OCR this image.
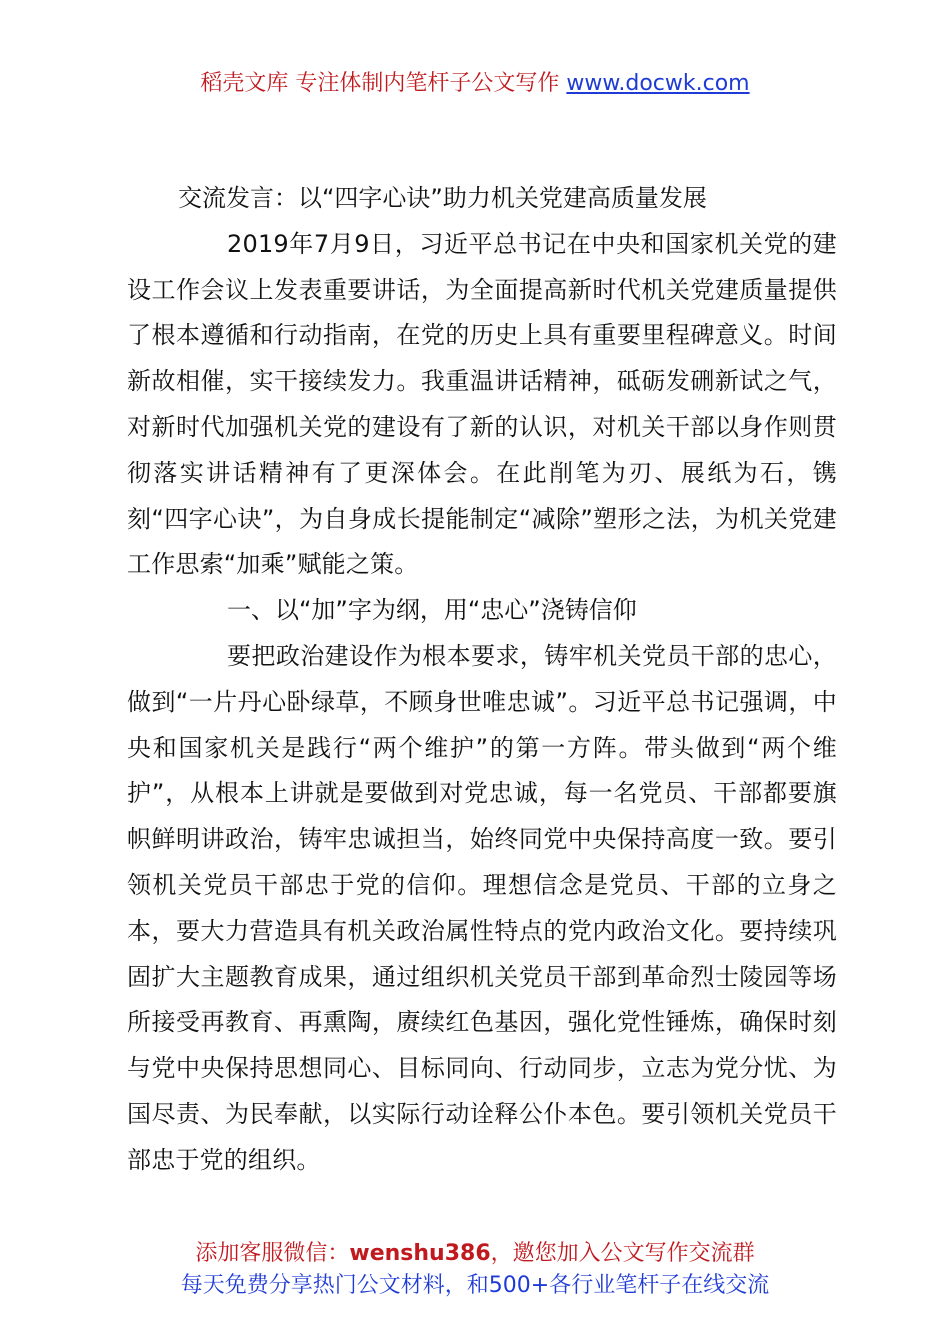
稻壳文库 专注体制内笔杆子公文写作 www.docwk.com

交流发言：以“四字心诀”助力机关党建高质量发展

2019年7月9日，习近平总书记在中央和国家机关党的建设工作会议上发表重要讲话，为全面提高新时代机关党建质量提供了根本遵循和行动指南，在党的历史上具有重要里程碑意义。时间新故相催，实干接续发力。我重温讲话精神，砥砺发硎新试之气，对新时代加强机关党的建设有了新的认识，对机关干部以身作则贯彻落实讲话精神有了更深体会。在此削笔为刃、展纸为石，镌刻“四字心诀”，为自身成长提能制定“减除”塑形之法，为机关党建工作思索“加乘”赋能之策。

一、以“加”字为纲，用“忠心”浇铸信仰

要把政治建设作为根本要求，铸牢机关党员干部的忠心，做到“一片丹心卧绿草，不顾身世唯忠诚”。习近平总书记强调，中央和国家机关是践行“两个维护”的第一方阵。带头做到“两个维护”，从根本上讲就是要做到对党忠诚，每一名党员、干部都要旗帜鲜明讲政治，铸牢忠诚担当，始终同党中央保持高度一致。要引领机关党员干部忠于党的信仰。理想信念是党员、干部的立身之本，要大力营造具有机关政治属性特点的党内政治文化。要持续巩固扩大主题教育成果，通过组织机关党员干部到革命烈士陵园等场所接受再教育、再熏陶，赓续红色基因，强化党性锤炼，确保时刻与党中央保持思想同心、目标同向、行动同步，立志为党分忧、为国尽责、为民奉献，以实际行动诠释公仆本色。要引领机关党员干部忠于党的组织。

添加客服微信：wenshu386，邀您加入公文写作交流群
每天免费分享热门公文材料，和500+各行业笔杆子在线交流
